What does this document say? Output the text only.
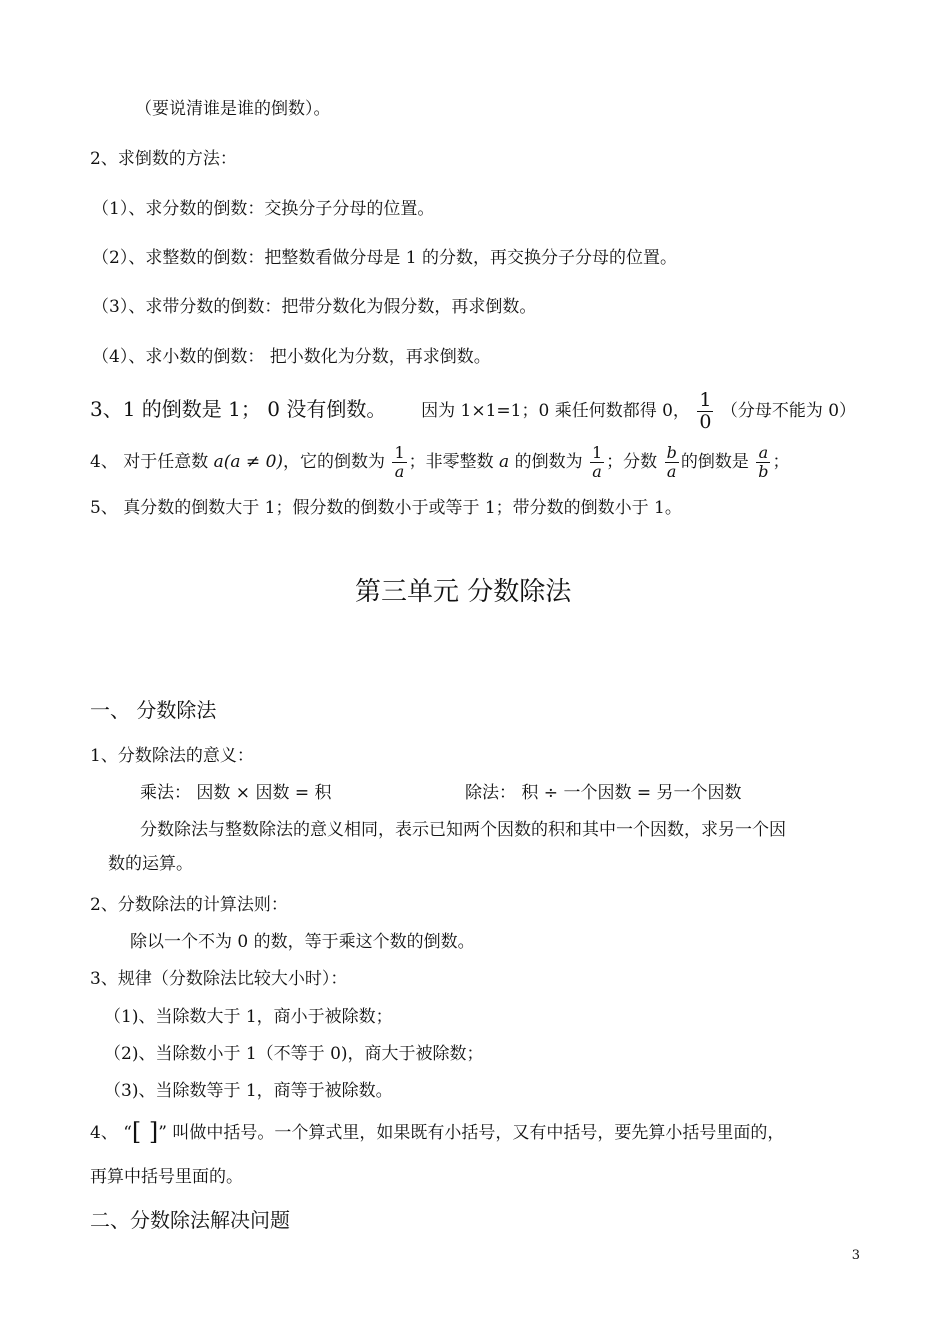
（要说清谁是谁的倒数）。
2、求倒数的方法：
（1）、求分数的倒数：交换分子分母的位置。
（2）、求整数的倒数：把整数看做分母是 1 的分数，再交换分子分母的位置。
（3）、求带分数的倒数：把带分数化为假分数，再求倒数。
（4）、求小数的倒数： 把小数化为分数，再求倒数。
3、1 的倒数是 1； 0 没有倒数。 因为 1×1=1；0 乘任何数都得 0， $\frac{1}{0}$ （分母不能为 0）
4、 对于任意数 a(a ≠ 0)，它的倒数为 $\frac{1}{a}$ ；非零整数 a 的倒数为 $\frac{1}{a}$ ；分数 $\frac{b}{a}$ 的倒数是 $\frac{a}{b}$ ；
5、 真分数的倒数大于 1；假分数的倒数小于或等于 1；带分数的倒数小于 1。
第三单元 分数除法
一、 分数除法
1、分数除法的意义：
乘法： 因数 × 因数 = 积	除法： 积 ÷ 一个因数 = 另一个因数
分数除法与整数除法的意义相同，表示已知两个因数的积和其中一个因数，求另一个因
数的运算。
2、分数除法的计算法则：
除以一个不为 0 的数，等于乘这个数的倒数。
3、规律（分数除法比较大小时）：
（1)、当除数大于 1，商小于被除数；
（2)、当除数小于 1（不等于 0)，商大于被除数；
（3)、当除数等于 1，商等于被除数。
4、 “[ ]” 叫做中括号。一个算式里，如果既有小括号，又有中括号，要先算小括号里面的，
再算中括号里面的。
二、分数除法解决问题
3
